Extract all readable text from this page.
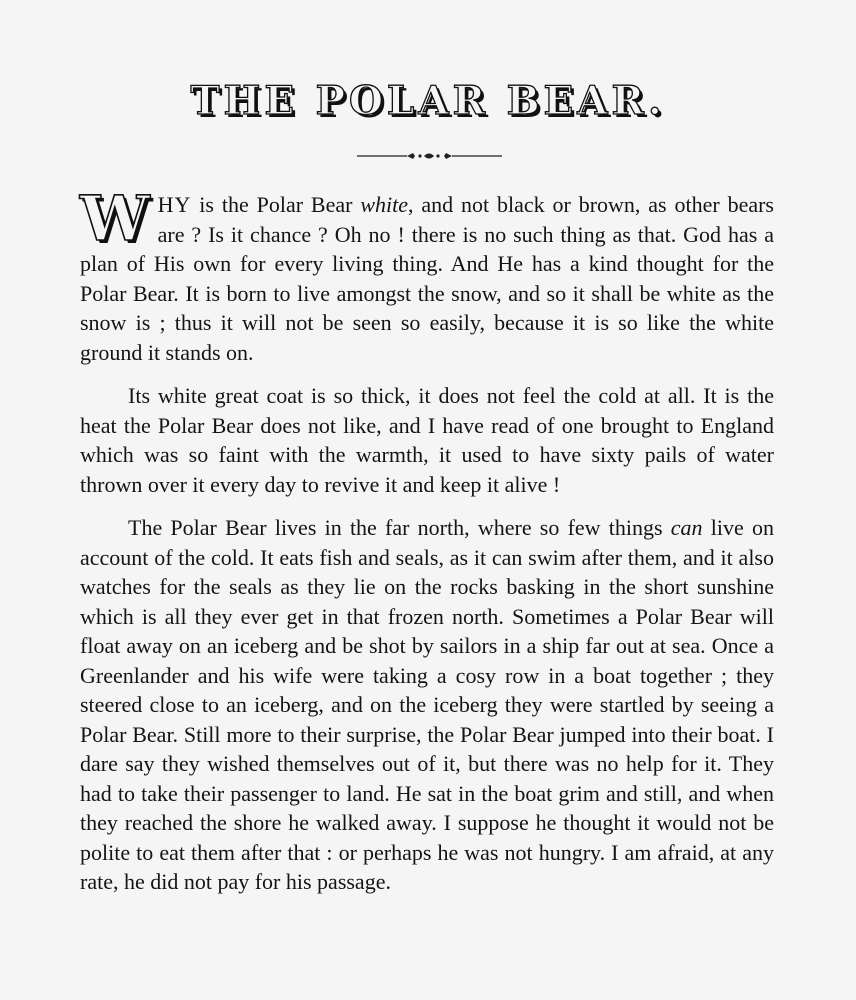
THE POLAR BEAR.

WHY is the Polar Bear white, and not black or brown, as other bears are ? Is it chance ? Oh no ! there is no such thing as that. God has a plan of His own for every living thing. And He has a kind thought for the Polar Bear. It is born to live amongst the snow, and so it shall be white as the snow is ; thus it will not be seen so easily, because it is so like the white ground it stands on.

Its white great coat is so thick, it does not feel the cold at all. It is the heat the Polar Bear does not like, and I have read of one brought to England which was so faint with the warmth, it used to have sixty pails of water thrown over it every day to revive it and keep it alive !

The Polar Bear lives in the far north, where so few things can live on account of the cold. It eats fish and seals, as it can swim after them, and it also watches for the seals as they lie on the rocks basking in the short sunshine which is all they ever get in that frozen north. Sometimes a Polar Bear will float away on an iceberg and be shot by sailors in a ship far out at sea. Once a Greenlander and his wife were taking a cosy row in a boat together ; they steered close to an iceberg, and on the iceberg they were startled by seeing a Polar Bear. Still more to their surprise, the Polar Bear jumped into their boat. I dare say they wished themselves out of it, but there was no help for it. They had to take their passenger to land. He sat in the boat grim and still, and when they reached the shore he walked away. I suppose he thought it would not be polite to eat them after that : or perhaps he was not hungry. I am afraid, at any rate, he did not pay for his passage.
